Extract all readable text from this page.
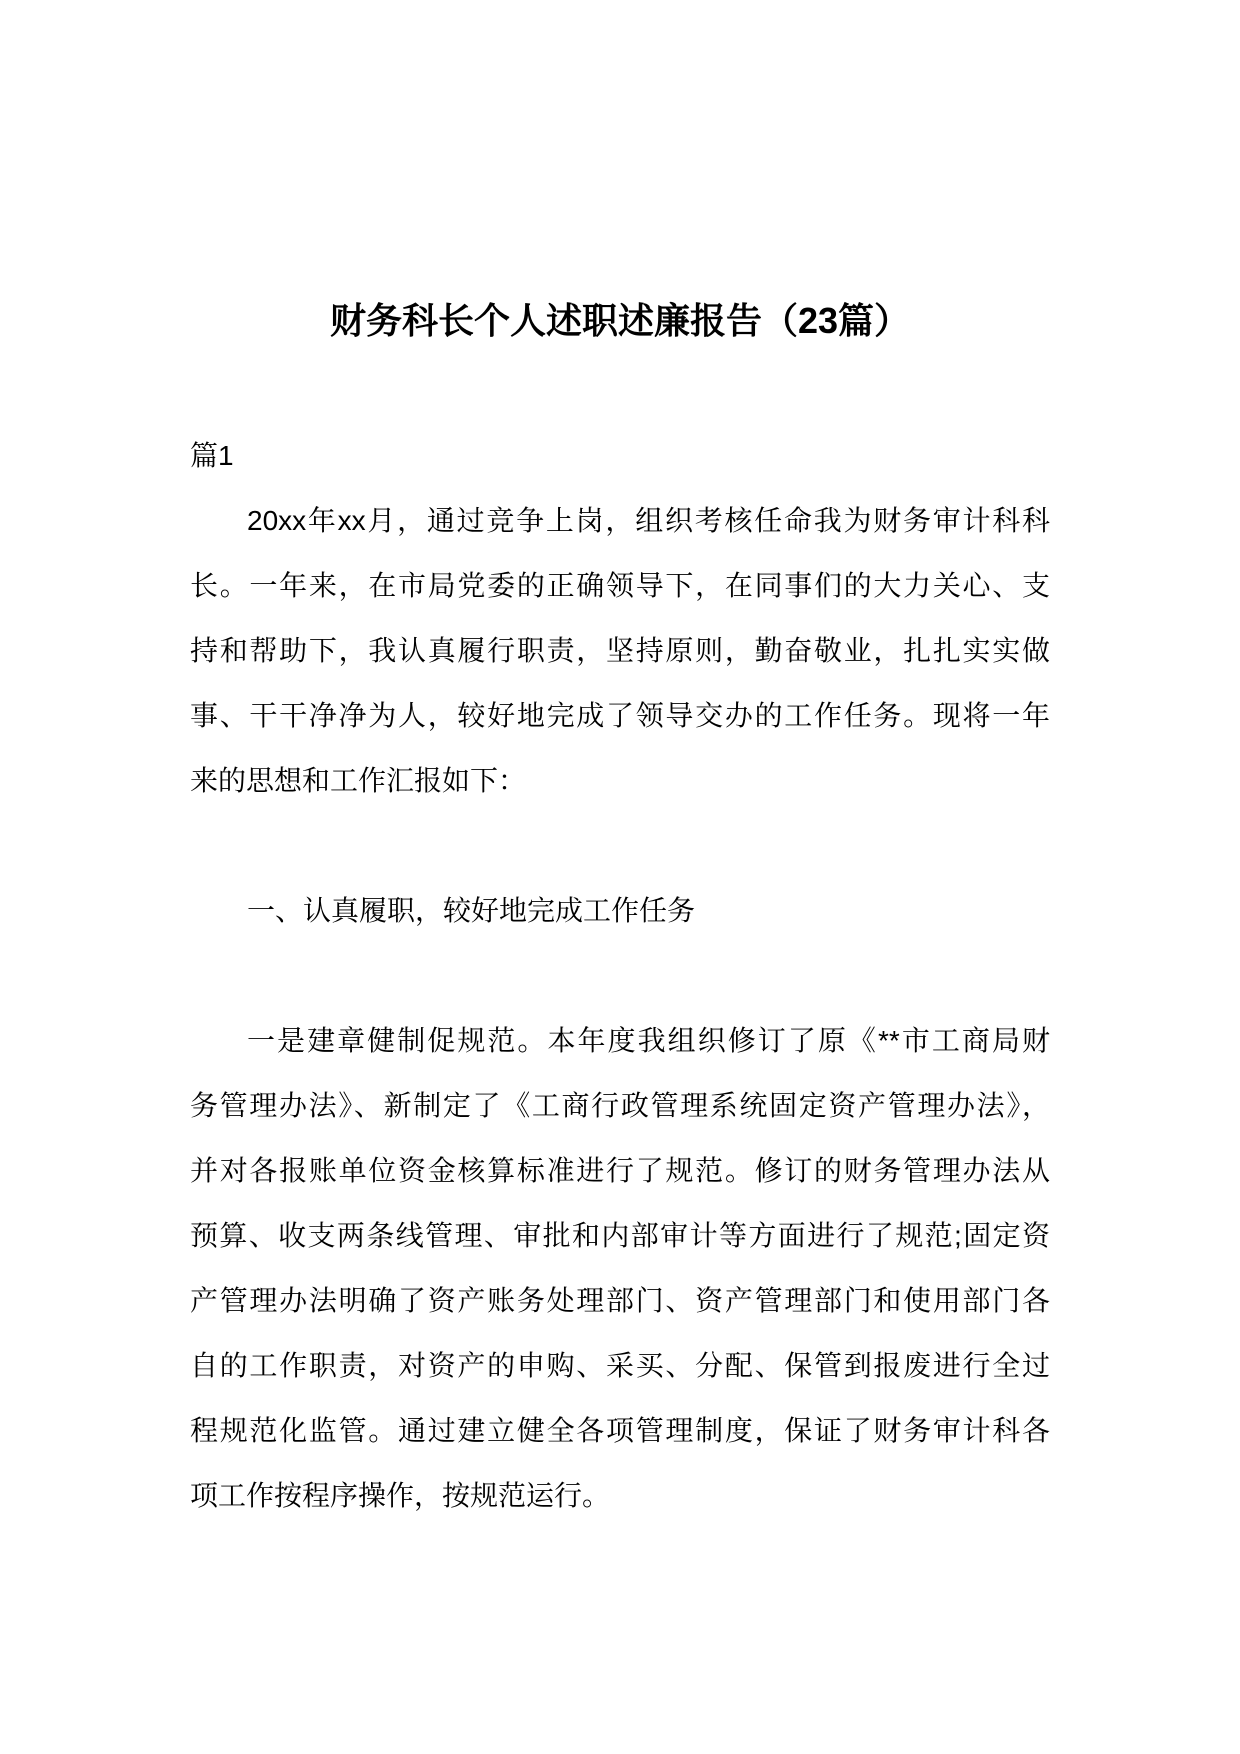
财务科长个人述职述廉报告（23篇）
篇1
20xx年xx月，通过竞争上岗，组织考核任命我为财务审计科科
长。一年来，在市局党委的正确领导下，在同事们的大力关心、支
持和帮助下，我认真履行职责，坚持原则，勤奋敬业，扎扎实实做
事、干干净净为人，较好地完成了领导交办的工作任务。现将一年
来的思想和工作汇报如下：
一、认真履职，较好地完成工作任务
一是建章健制促规范。本年度我组织修订了原《**市工商局财
务管理办法》、新制定了《工商行政管理系统固定资产管理办法》，
并对各报账单位资金核算标准进行了规范。修订的财务管理办法从
预算、收支两条线管理、审批和内部审计等方面进行了规范;固定资
产管理办法明确了资产账务处理部门、资产管理部门和使用部门各
自的工作职责，对资产的申购、采买、分配、保管到报废进行全过
程规范化监管。通过建立健全各项管理制度，保证了财务审计科各
项工作按程序操作，按规范运行。
